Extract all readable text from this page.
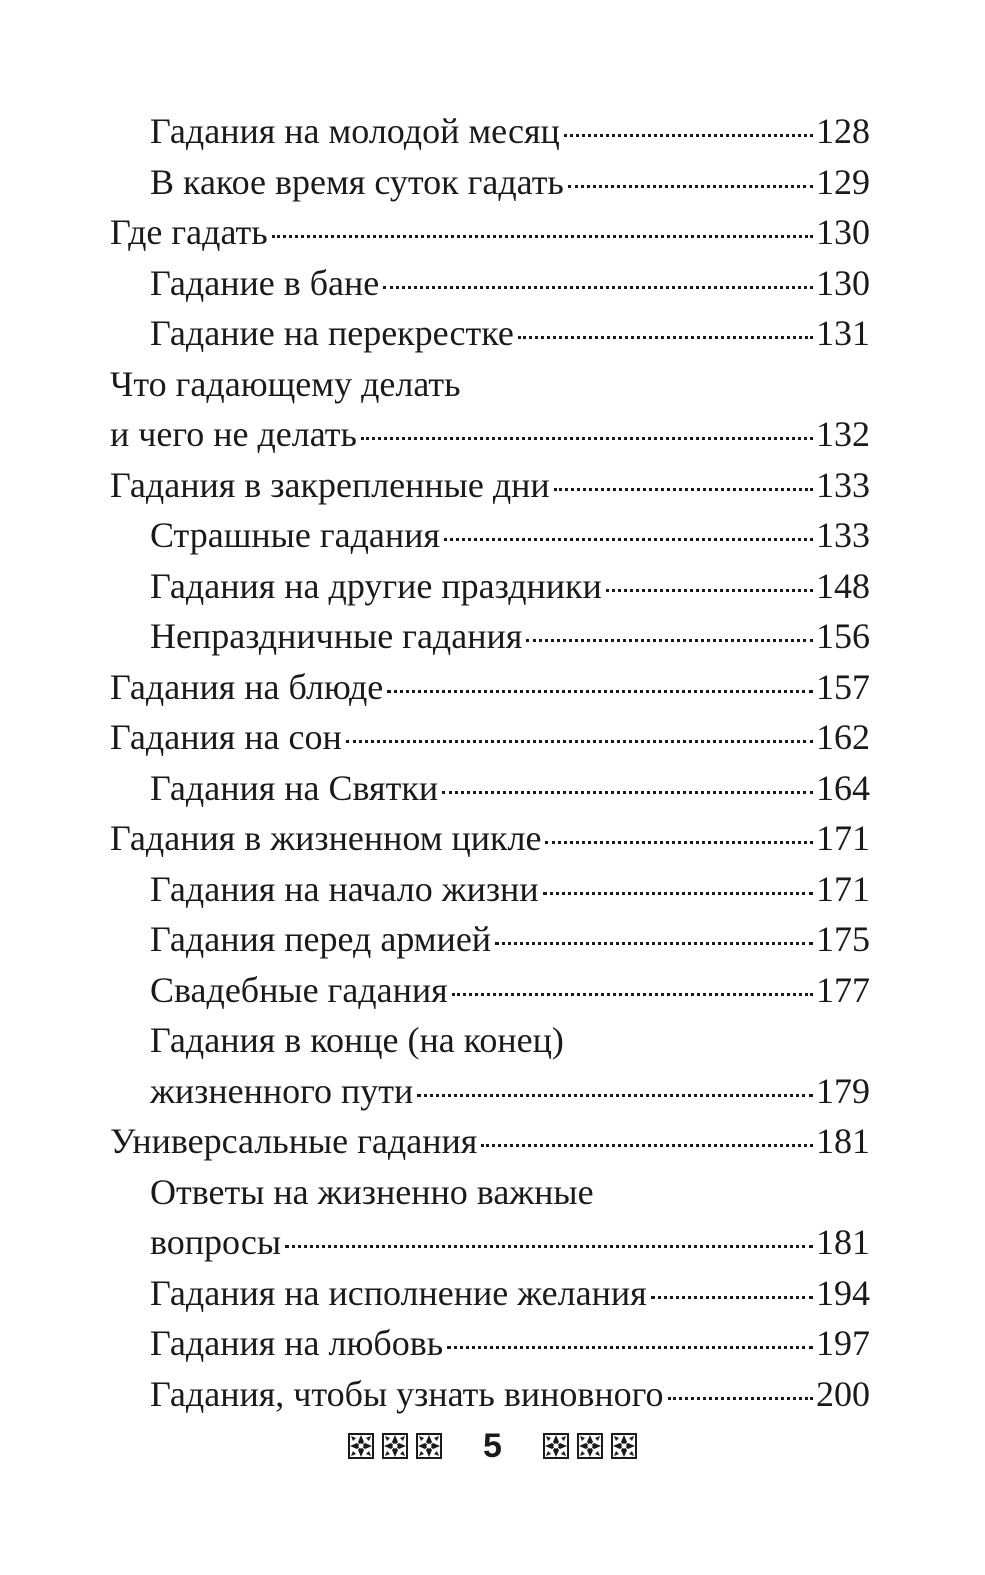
Гадания на молодой месяц	128
В какое время суток гадать	129
Где гадать	130
Гадание в бане	130
Гадание на перекрестке	131
Что гадающему делать
и чего не делать	132
Гадания в закрепленные дни	133
Страшные гадания	133
Гадания на другие праздники	148
Непраздничные гадания	156
Гадания на блюде	157
Гадания на сон	162
Гадания на Святки	164
Гадания в жизненном цикле	171
Гадания на начало жизни	171
Гадания перед армией	175
Свадебные гадания	177
Гадания в конце (на конец)
жизненного пути	179
Универсальные гадания	181
Ответы на жизненно важные
вопросы	181
Гадания на исполнение желания	194
Гадания на любовь	197
Гадания, чтобы узнать виновного	200
5
